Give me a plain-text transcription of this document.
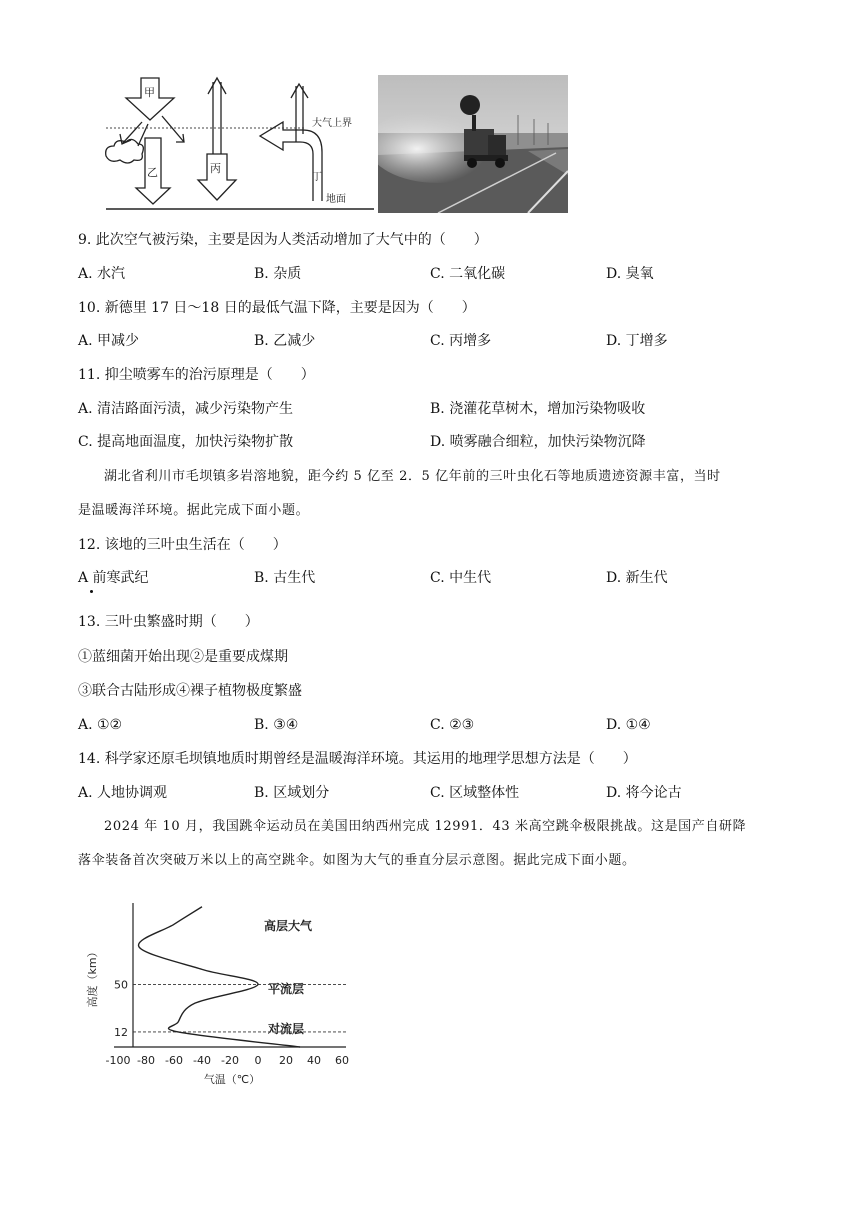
甲
乙	丙
丁
大气上界
地面
9. 此次空气被污染，主要是因为人类活动增加了大气中的（　　）
A. 水汽	B. 杂质	C. 二氧化碳	D. 臭氧
10. 新德里 17 日～18 日的最低气温下降，主要是因为（　　）
A. 甲减少	B. 乙减少	C. 丙增多	D. 丁增多
11. 抑尘喷雾车的治污原理是（　　）
A. 清洁路面污渍，减少污染物产生	B. 浇灌花草树木，增加污染物吸收
C. 提高地面温度，加快污染物扩散	D. 喷雾融合细粒，加快污染物沉降
湖北省利川市毛坝镇多岩溶地貌，距今约 5 亿至 2．5 亿年前的三叶虫化石等地质遗迹资源丰富，当时
是温暖海洋环境。据此完成下面小题。
12. 该地的三叶虫生活在（　　）
A 前寒武纪	B. 古生代	C. 中生代	D. 新生代
13. 三叶虫繁盛时期（　　）
①蓝细菌开始出现②是重要成煤期
③联合古陆形成④裸子植物极度繁盛
A. ①②	B. ③④	C. ②③	D. ①④
14. 科学家还原毛坝镇地质时期曾经是温暖海洋环境。其运用的地理学思想方法是（　　）
A. 人地协调观	B. 区域划分	C. 区域整体性	D. 将今论古
2024 年 10 月，我国跳伞运动员在美国田纳西州完成 12991．43 米高空跳伞极限挑战。这是国产自研降
落伞装备首次突破万米以上的高空跳伞。如图为大气的垂直分层示意图。据此完成下面小题。
高度（km）
气温（℃）
对流层
平流层
高层大气
-100 -80 -60 -40 -20 0 20 40 60
12
50
